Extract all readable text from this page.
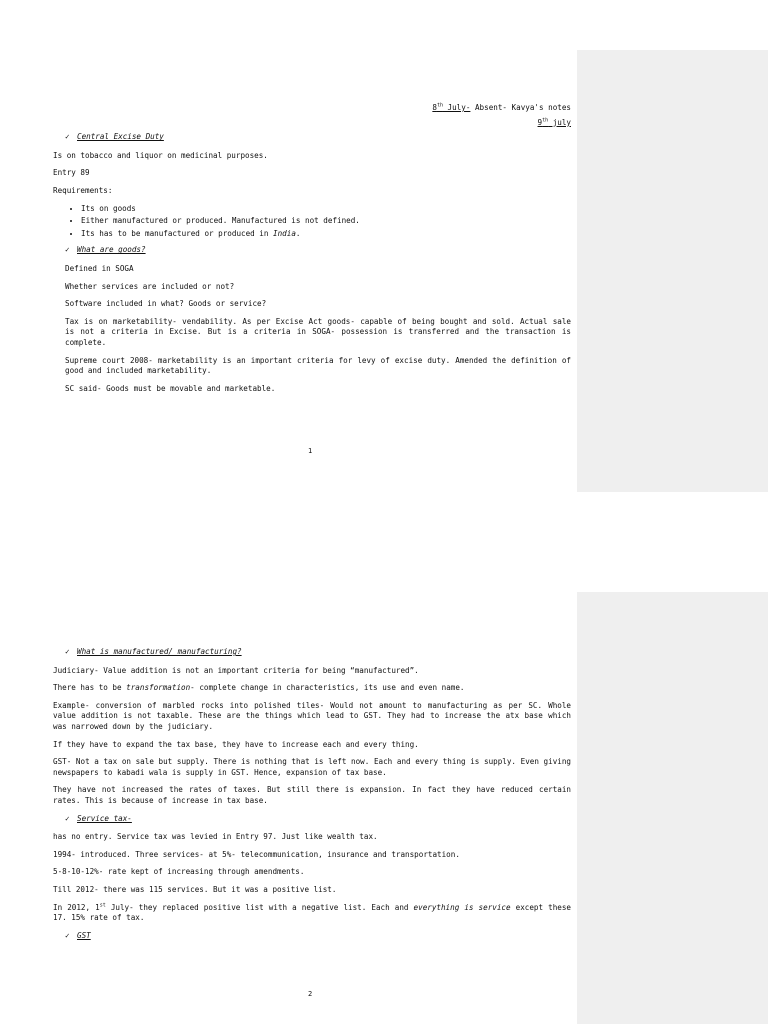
8th July- Absent- Kavya's notes

9th july

✓ Central Excise Duty

Is on tobacco and liquor on medicinal purposes.

Entry 89

Requirements:

• Its on goods
• Either manufactured or produced. Manufactured is not defined.
• Its has to be manufactured or produced in India.

✓ What are goods?

Defined in SOGA

Whether services are included or not?

Software included in what? Goods or service?

Tax is on marketability- vendability. As per Excise Act goods- capable of being bought and sold. Actual sale is not a criteria in Excise. But is a criteria in SOGA- possession is transferred and the transaction is complete.

Supreme court 2008- marketability is an important criteria for levy of excise duty. Amended the definition of good and included marketability.

SC said- Goods must be movable and marketable.

1

✓ What is manufactured/ manufacturing?

Judiciary- Value addition is not an important criteria for being “manufactured”.

There has to be transformation- complete change in characteristics, its use and even name.

Example- conversion of marbled rocks into polished tiles- Would not amount to manufacturing as per SC. Whole value addition is not taxable. These are the things which lead to GST. They had to increase the atx base which was narrowed down by the judiciary.

If they have to expand the tax base, they have to increase each and every thing.

GST- Not a tax on sale but supply. There is nothing that is left now. Each and every thing is supply. Even giving newspapers to kabadi wala is supply in GST. Hence, expansion of tax base.

They have not increased the rates of taxes. But still there is expansion. In fact they have reduced certain rates. This is because of increase in tax base.

✓ Service tax-

has no entry. Service tax was levied in Entry 97. Just like wealth tax.

1994- introduced. Three services- at 5%- telecommunication, insurance and transportation.

5-8-10-12%- rate kept of increasing through amendments.

Till 2012- there was 115 services. But it was a positive list.

In 2012, 1st July- they replaced positive list with a negative list. Each and everything is service except these 17. 15% rate of tax.

✓ GST

2
